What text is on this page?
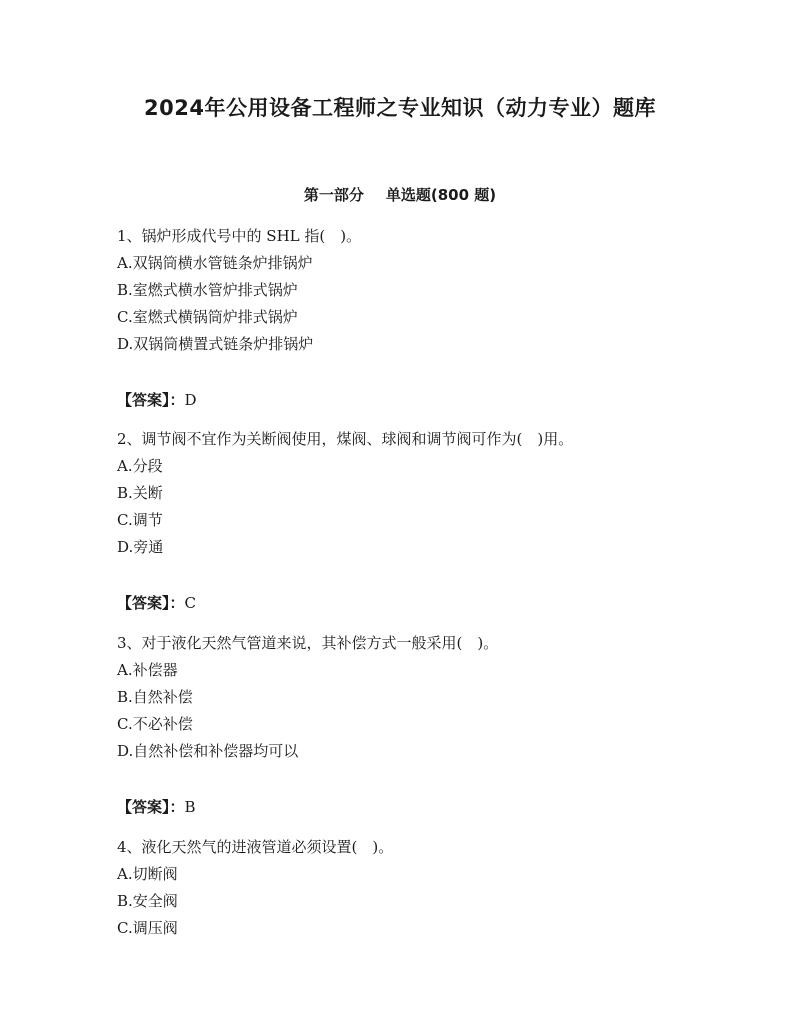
2024年公用设备工程师之专业知识（动力专业）题库
第一部分 单选题(800 题)
1、锅炉形成代号中的 SHL 指(　)。
A.双锅筒横水管链条炉排锅炉
B.室燃式横水管炉排式锅炉
C.室燃式横锅筒炉排式锅炉
D.双锅筒横置式链条炉排锅炉
【答案】：D
2、调节阀不宜作为关断阀使用，煤阀、球阀和调节阀可作为(　)用。
A.分段
B.关断
C.调节
D.旁通
【答案】：C
3、对于液化天然气管道来说，其补偿方式一般采用(　)。
A.补偿器
B.自然补偿
C.不必补偿
D.自然补偿和补偿器均可以
【答案】：B
4、液化天然气的进液管道必须设置(　)。
A.切断阀
B.安全阀
C.调压阀
